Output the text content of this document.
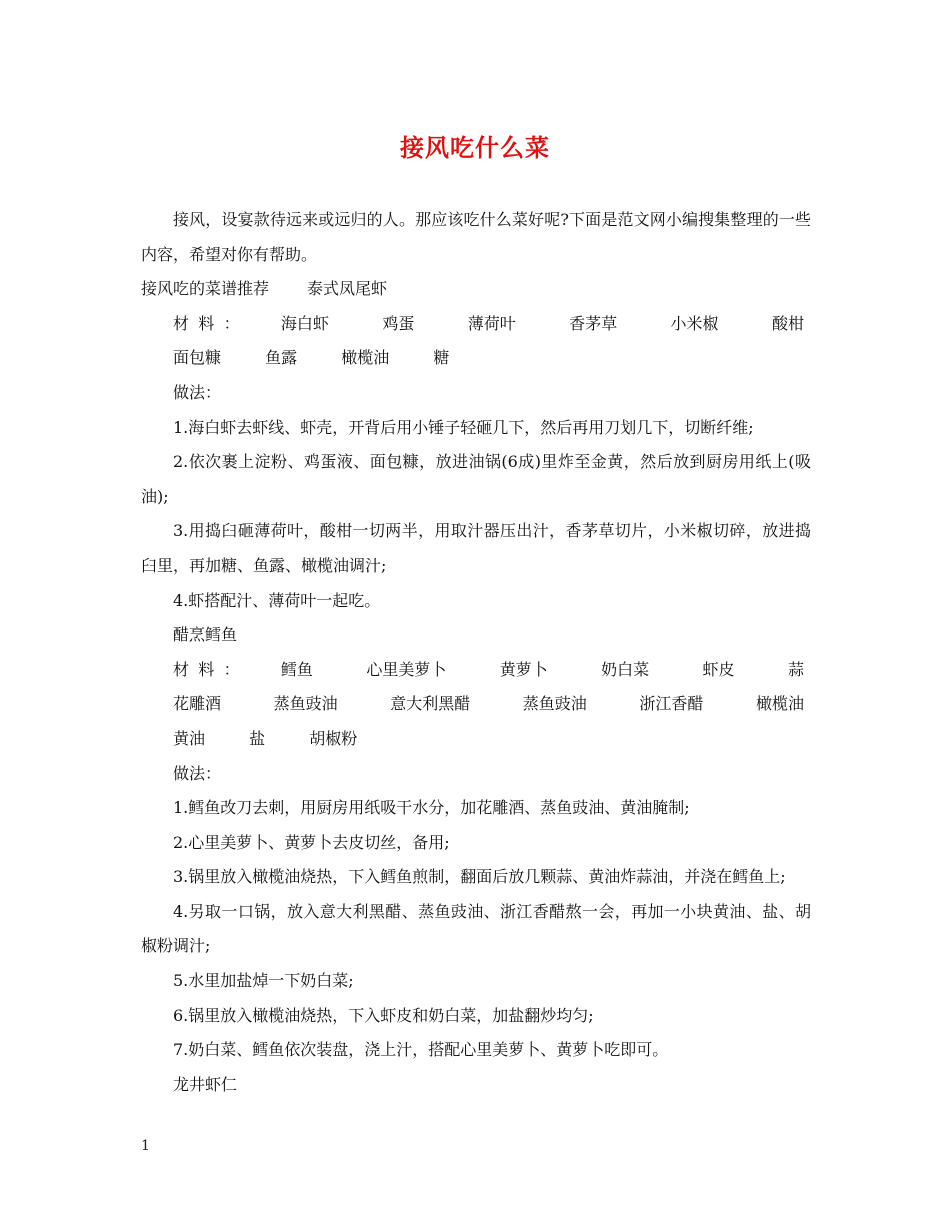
接风吃什么菜

接风，设宴款待远来或远归的人。那应该吃什么菜好呢?下面是范文网小编搜集整理的一些内容，希望对你有帮助。

接风吃的菜谱推荐 泰式凤尾虾

材料： 海白虾	鸡蛋	薄荷叶	香茅草	小米椒	酸柑 面包糠	鱼露	橄榄油	糖

做法：

1.海白虾去虾线、虾壳，开背后用小锤子轻砸几下，然后再用刀划几下，切断纤维;

2.依次裹上淀粉、鸡蛋液、面包糠，放进油锅(6成)里炸至金黄，然后放到厨房用纸上(吸油);

3.用捣臼砸薄荷叶，酸柑一切两半，用取汁器压出汁，香茅草切片，小米椒切碎，放进捣臼里，再加糖、鱼露、橄榄油调汁;

4.虾搭配汁、薄荷叶一起吃。

醋烹鳕鱼

材料： 鳕鱼	心里美萝卜	黄萝卜	奶白菜	虾皮	蒜 花雕酒	蒸鱼豉油	意大利黑醋	蒸鱼豉油	浙江香醋	橄榄油 黄油	盐	胡椒粉

做法：

1.鳕鱼改刀去刺，用厨房用纸吸干水分，加花雕酒、蒸鱼豉油、黄油腌制;

2.心里美萝卜、黄萝卜去皮切丝，备用;

3.锅里放入橄榄油烧热，下入鳕鱼煎制，翻面后放几颗蒜、黄油炸蒜油，并浇在鳕鱼上;

4.另取一口锅，放入意大利黑醋、蒸鱼豉油、浙江香醋熬一会，再加一小块黄油、盐、胡椒粉调汁;

5.水里加盐焯一下奶白菜;

6.锅里放入橄榄油烧热，下入虾皮和奶白菜，加盐翻炒均匀;

7.奶白菜、鳕鱼依次装盘，浇上汁，搭配心里美萝卜、黄萝卜吃即可。

龙井虾仁

1
